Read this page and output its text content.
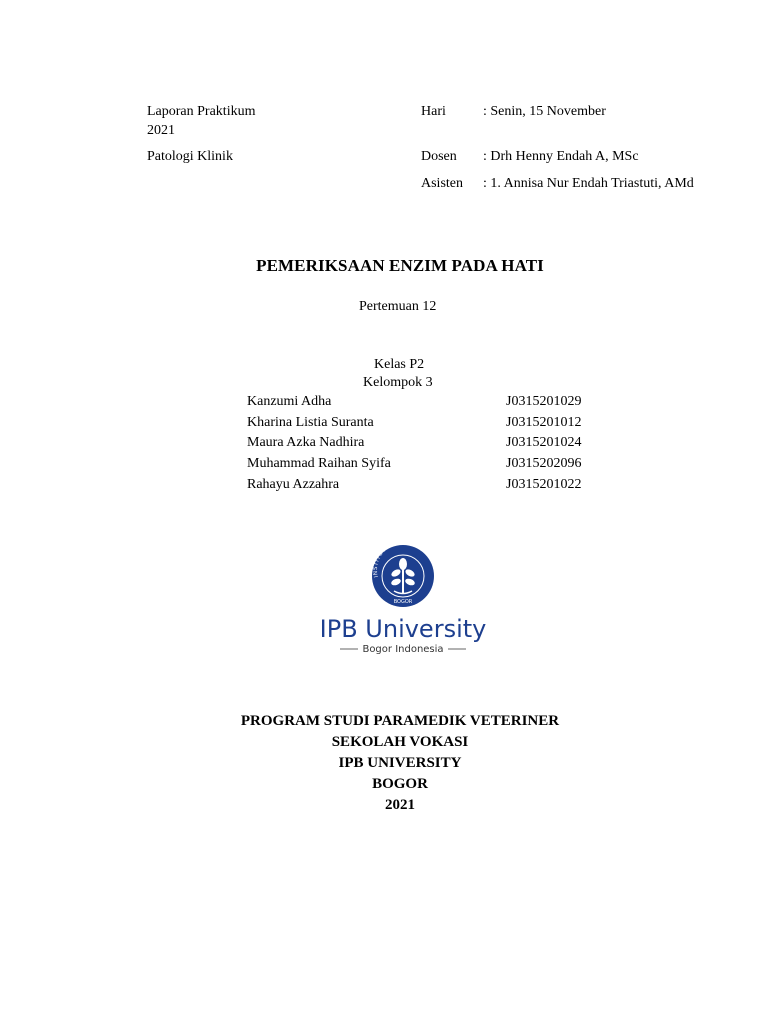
Laporan Praktikum
2021
Patologi Klinik
Hari	: Senin, 15 November
Dosen : Drh Henny Endah A, MSc
Asisten : 1. Annisa Nur Endah Triastuti, AMd
PEMERIKSAAN ENZIM PADA HATI
Pertemuan 12
Kelas P2
Kelompok 3
Kanzumi Adha	J0315201029
Kharina Listia Suranta	J0315201012
Maura Azka Nadhira	J0315201024
Muhammad Raihan Syifa	J0315202096
Rahayu Azzahra	J0315201022
INSTITUT P AN
BOGOR
IPB University
Bogor Indonesia
PROGRAM STUDI PARAMEDIK VETERINER
SEKOLAH VOKASI
IPB UNIVERSITY
BOGOR
2021
